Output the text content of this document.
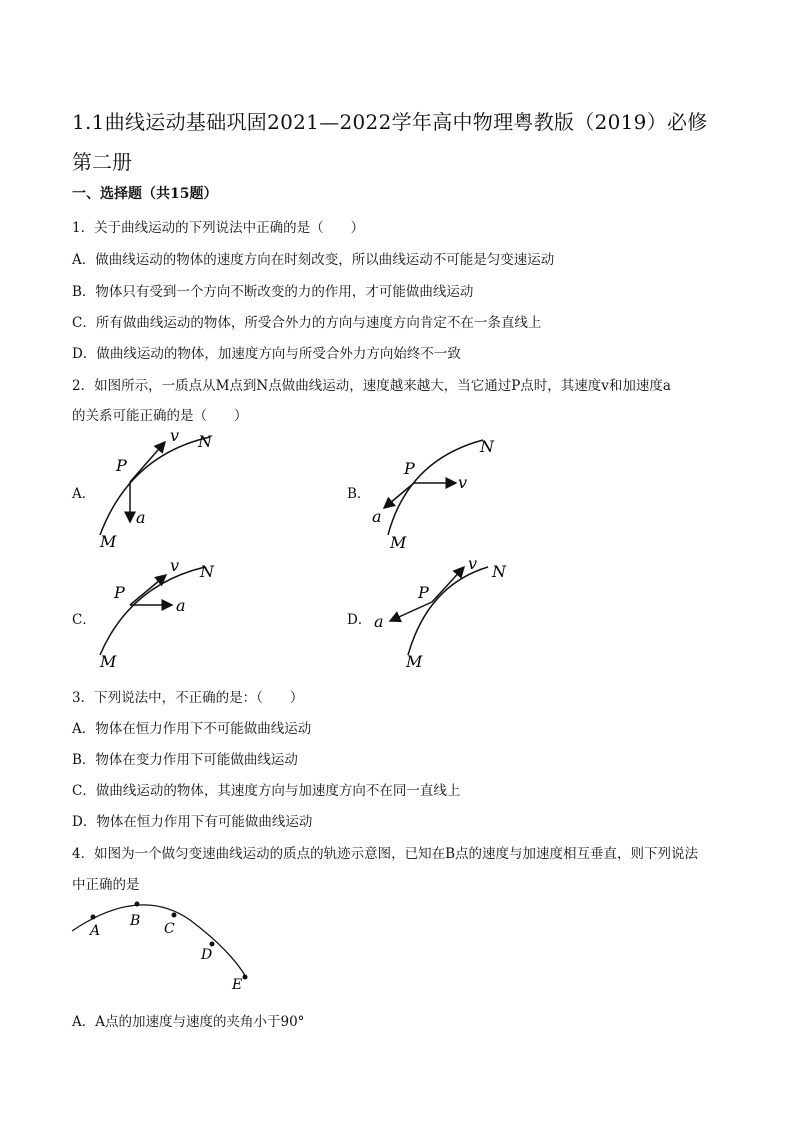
1.1曲线运动基础巩固2021—2022学年高中物理粤教版（2019）必修
第二册
一、选择题（共15题）
1．关于曲线运动的下列说法中正确的是（　　）
A．做曲线运动的物体的速度方向在时刻改变，所以曲线运动不可能是匀变速运动
B．物体只有受到一个方向不断改变的力的作用，才可能做曲线运动
C．所有做曲线运动的物体，所受合外力的方向与速度方向肯定不在一条直线上
D．做曲线运动的物体，加速度方向与所受合外力方向始终不一致
2．如图所示，一质点从M点到N点做曲线运动，速度越来越大，当它通过P点时，其速度v和加速度a
的关系可能正确的是（　　）
A．	B．
C．	D．
P
v N
a
M
P
v
N
a
M
P
v N
a
M
P
v N
a
M
3．下列说法中，不正确的是：（　　）
A．物体在恒力作用下不可能做曲线运动
B．物体在变力作用下可能做曲线运动
C．做曲线运动的物体，其速度方向与加速度方向不在同一直线上
D．物体在恒力作用下有可能做曲线运动
4．如图为一个做匀变速曲线运动的质点的轨迹示意图，已知在B点的速度与加速度相互垂直，则下列说法
中正确的是
A
B C
D
E
A．A点的加速度与速度的夹角小于90°
